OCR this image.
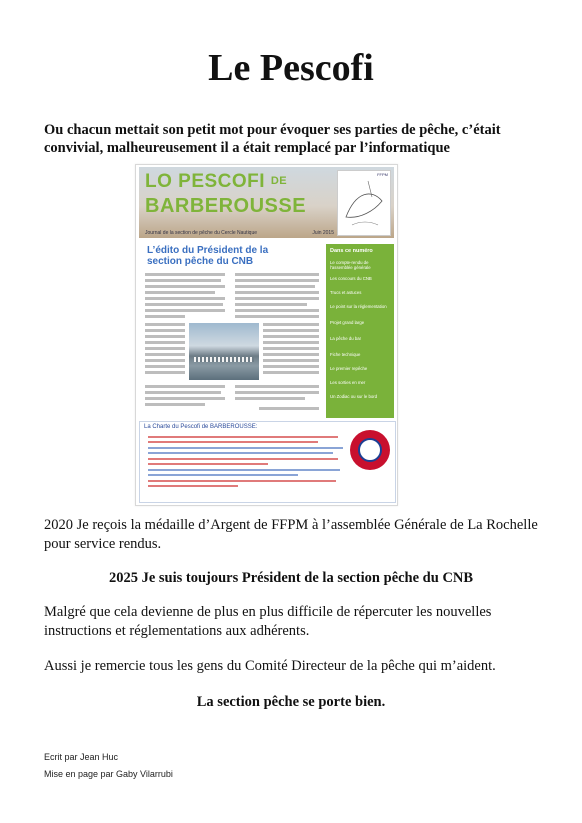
Le Pescofi
Ou chacun mettait son petit mot pour évoquer ses parties de pêche, c’était convivial, malheureusement il a était remplacé par l’informatique
LO PESCOFI DE
BARBEROUSSE
Journal de la section de pêche du Cercle Nautique	Juin 2015
FFPM
L’édito du Président de la section pêche du CNB
Dans ce numéro
Le compte-rendu de l’assemblée générale
Les concours du CNB
Trucs et astuces
Le point sur la réglementation
Projet grand large
La pêche du bar
Fiche technique
Le premier repêche
Les sorties en mer
Un Zodiac ou sur le bord
La Charte du Pescofi de BARBEROUSSE:
2020 Je reçois la médaille d’Argent de FFPM à l’assemblée Générale de La Rochelle pour service rendus.
2025 Je suis toujours Président de la section pêche du CNB
Malgré que cela devienne de plus en plus difficile de répercuter les nouvelles instructions et réglementations aux adhérents.
Aussi je remercie tous les gens du Comité Directeur de la pêche qui m’aident.
La section pêche se porte bien.
Ecrit par Jean Huc
Mise en page par Gaby Vilarrubi
